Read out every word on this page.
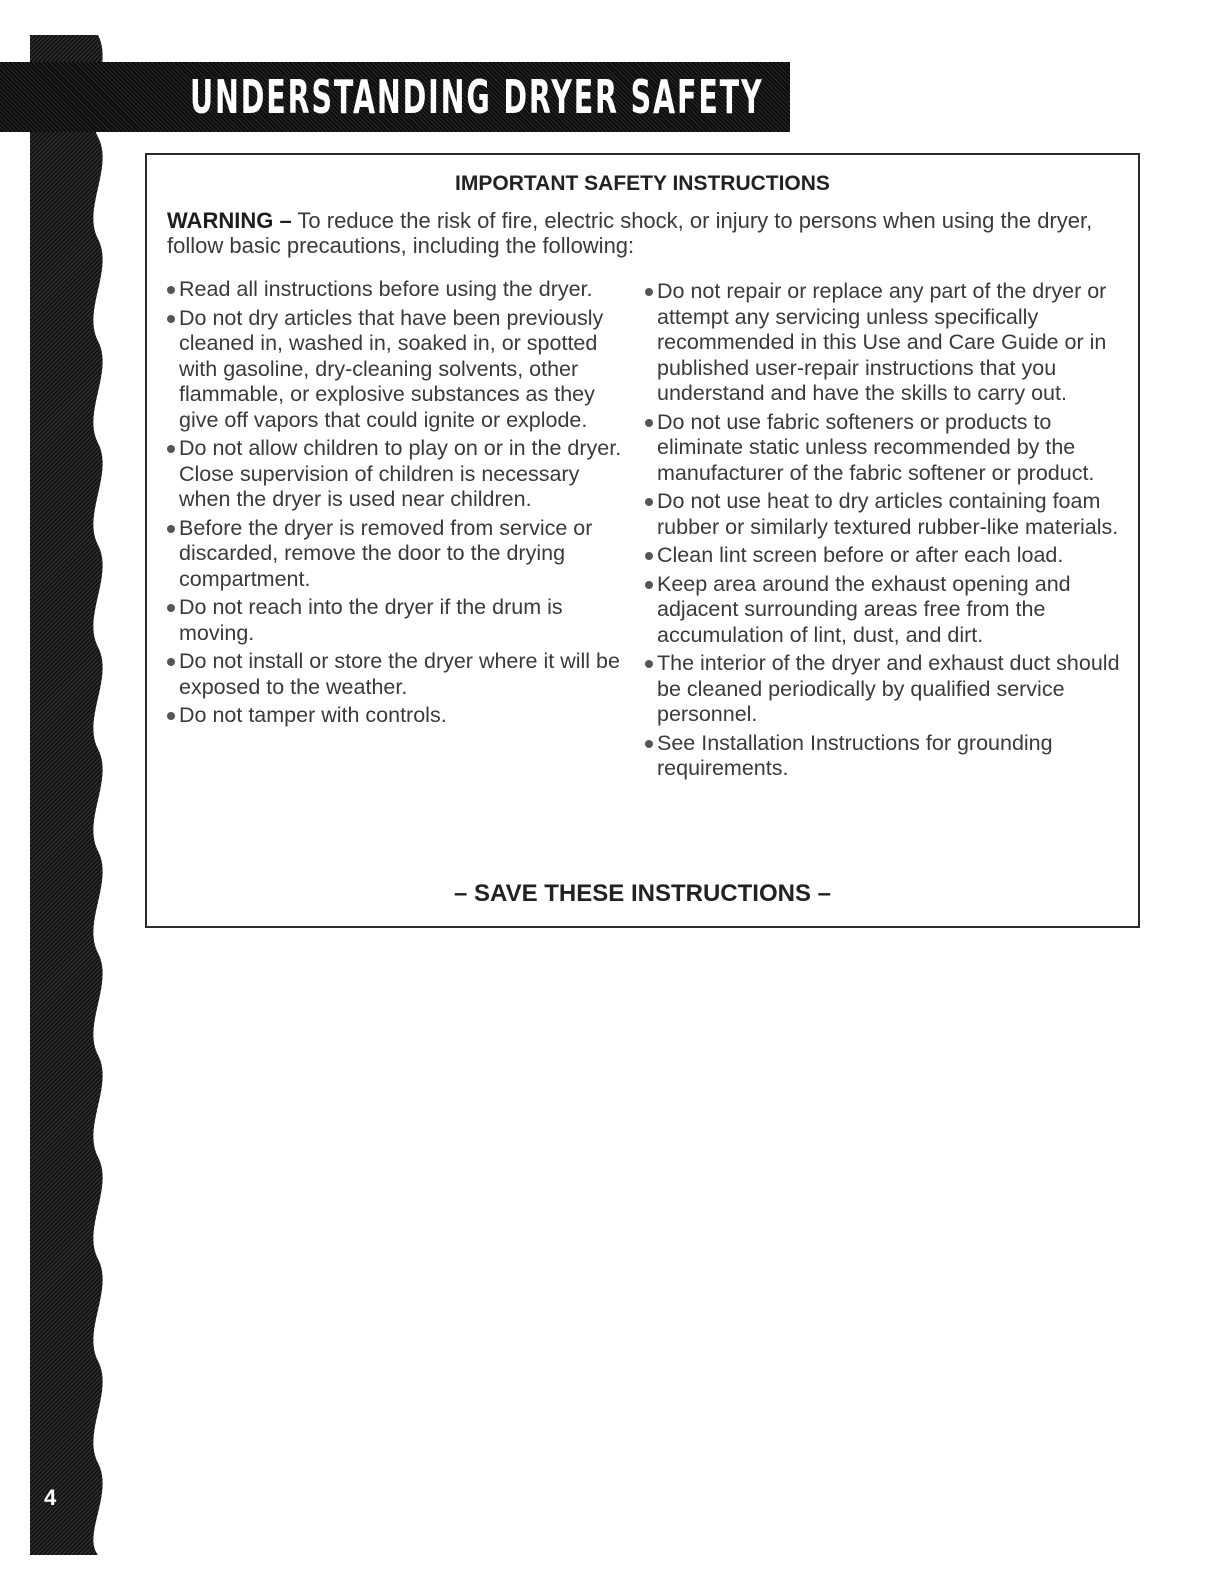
UNDERSTANDING DRYER SAFETY
IMPORTANT SAFETY INSTRUCTIONS
WARNING – To reduce the risk of fire, electric shock, or injury to persons when using the dryer, follow basic precautions, including the following:
Read all instructions before using the dryer.
Do not dry articles that have been previously cleaned in, washed in, soaked in, or spotted with gasoline, dry-cleaning solvents, other flammable, or explosive substances as they give off vapors that could ignite or explode.
Do not allow children to play on or in the dryer. Close supervision of children is necessary when the dryer is used near children.
Before the dryer is removed from service or discarded, remove the door to the drying compartment.
Do not reach into the dryer if the drum is moving.
Do not install or store the dryer where it will be exposed to the weather.
Do not tamper with controls.
Do not repair or replace any part of the dryer or attempt any servicing unless specifically recommended in this Use and Care Guide or in published user-repair instructions that you understand and have the skills to carry out.
Do not use fabric softeners or products to eliminate static unless recommended by the manufacturer of the fabric softener or product.
Do not use heat to dry articles containing foam rubber or similarly textured rubber-like materials.
Clean lint screen before or after each load.
Keep area around the exhaust opening and adjacent surrounding areas free from the accumulation of lint, dust, and dirt.
The interior of the dryer and exhaust duct should be cleaned periodically by qualified service personnel.
See Installation Instructions for grounding requirements.
– SAVE THESE INSTRUCTIONS –
4
